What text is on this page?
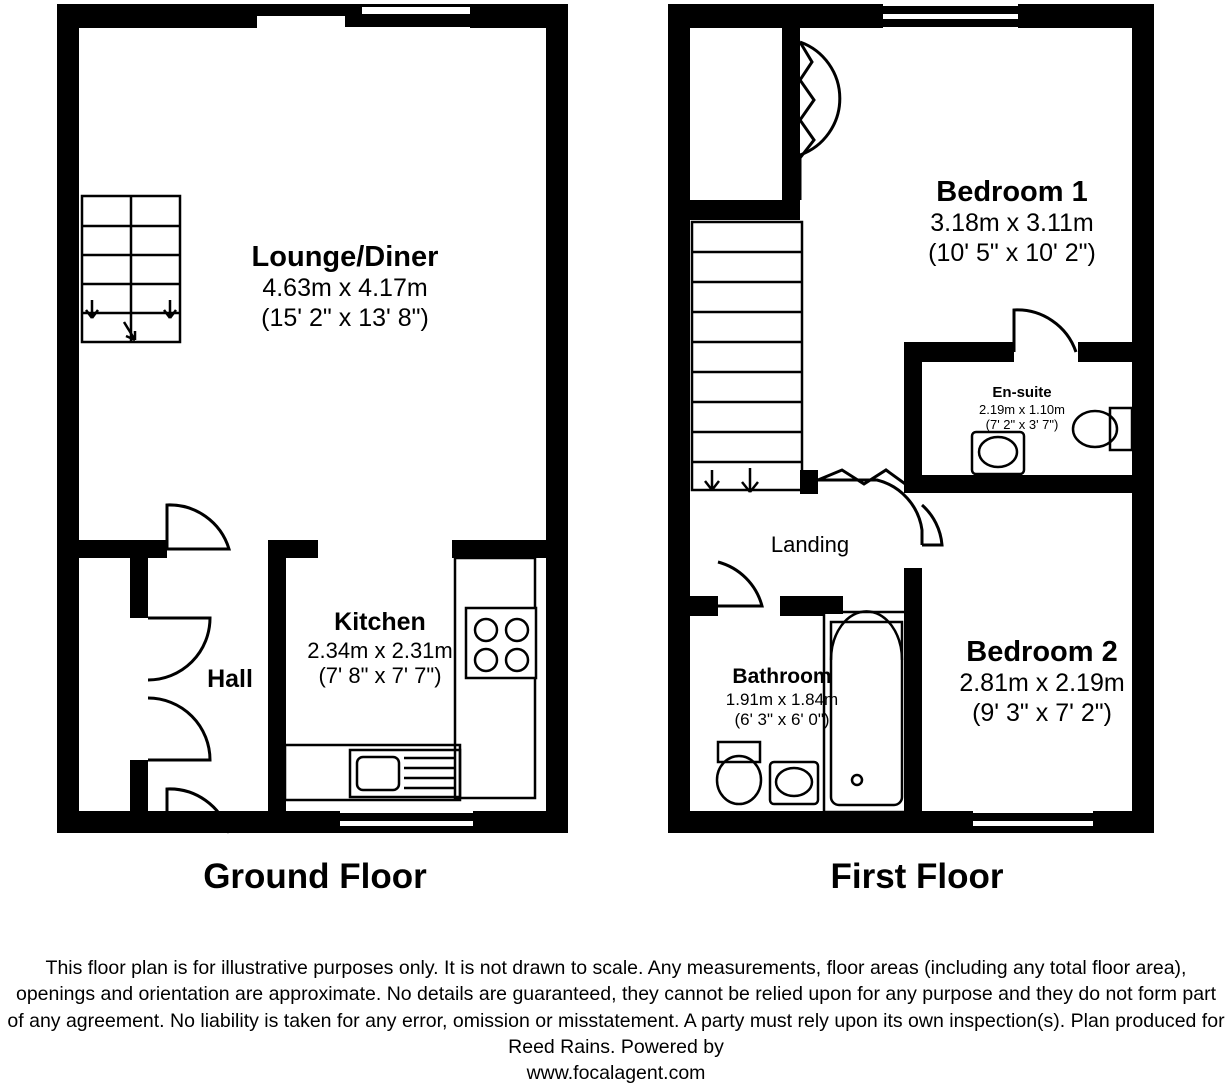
Lounge/Diner
4.63m x 4.17m
(15' 2" x 13' 8")
Kitchen
2.34m x 2.31m
(7' 8" x 7' 7")
Hall
Ground Floor
Bedroom 1
3.18m x 3.11m
(10' 5" x 10' 2")
En-suite
2.19m x 1.10m
(7' 2" x 3' 7")
Landing
Bathroom
1.91m x 1.84m
(6' 3" x 6' 0")
Bedroom 2
2.81m x 2.19m
(9' 3" x 7' 2")
First Floor
This floor plan is for illustrative purposes only. It is not drawn to scale. Any measurements, floor areas (including any total floor area), openings and orientation are approximate. No details are guaranteed, they cannot be relied upon for any purpose and they do not form part of any agreement. No liability is taken for any error, omission or misstatement. A party must rely upon its own inspection(s). Plan produced for Reed Rains. Powered by
www.focalagent.com
